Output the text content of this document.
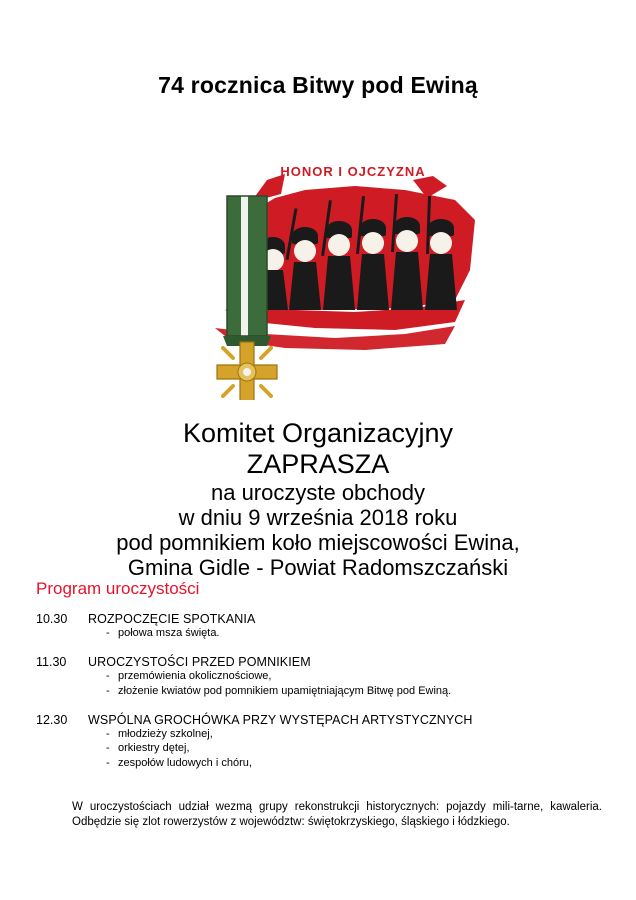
74 rocznica Bitwy pod Ewiną
HONOR I OJCZYZNA
Komitet Organizacyjny
ZAPRASZA
na uroczyste obchody
w dniu 9 września 2018 roku
pod pomnikiem koło miejscowości Ewina,
Gmina Gidle - Powiat Radomszczański
Program uroczystości
10.30	ROZPOCZĘCIE SPOTKANIA
- połowa msza święta.
11.30	UROCZYSTOŚCI PRZED POMNIKIEM
- przemówienia okolicznościowe,
- złożenie kwiatów pod pomnikiem upamiętniającym Bitwę pod Ewiną.
12.30	WSPÓLNA GROCHÓWKA PRZY WYSTĘPACH ARTYSTYCZNYCH
- młodzieży szkolnej,
- orkiestry dętej,
- zespołów ludowych i chóru,
W uroczystościach udział wezmą grupy rekonstrukcji historycznych: pojazdy mili-tarne, kawaleria. Odbędzie się zlot rowerzystów z województw: świętokrzyskiego, śląskiego i łódzkiego.
